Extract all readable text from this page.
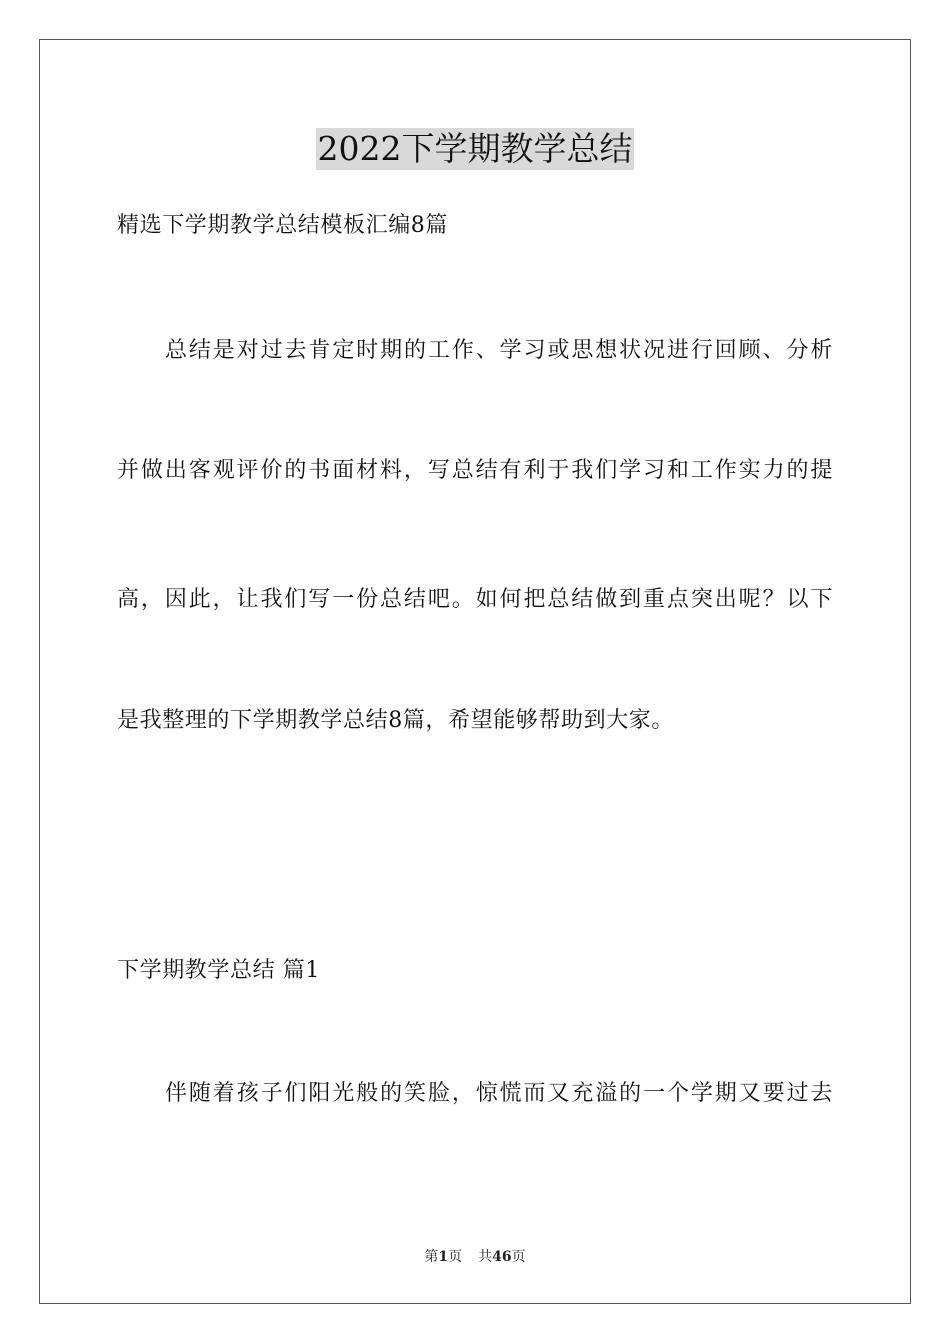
2022下学期教学总结
精选下学期教学总结模板汇编8篇
总结是对过去肯定时期的工作、学习或思想状况进行回顾、分析
并做出客观评价的书面材料，写总结有利于我们学习和工作实力的提
高，因此，让我们写一份总结吧。如何把总结做到重点突出呢？以下
是我整理的下学期教学总结8篇，希望能够帮助到大家。
下学期教学总结 篇1
伴随着孩子们阳光般的笑脸，惊慌而又充溢的一个学期又要过去
第1页 共46页
